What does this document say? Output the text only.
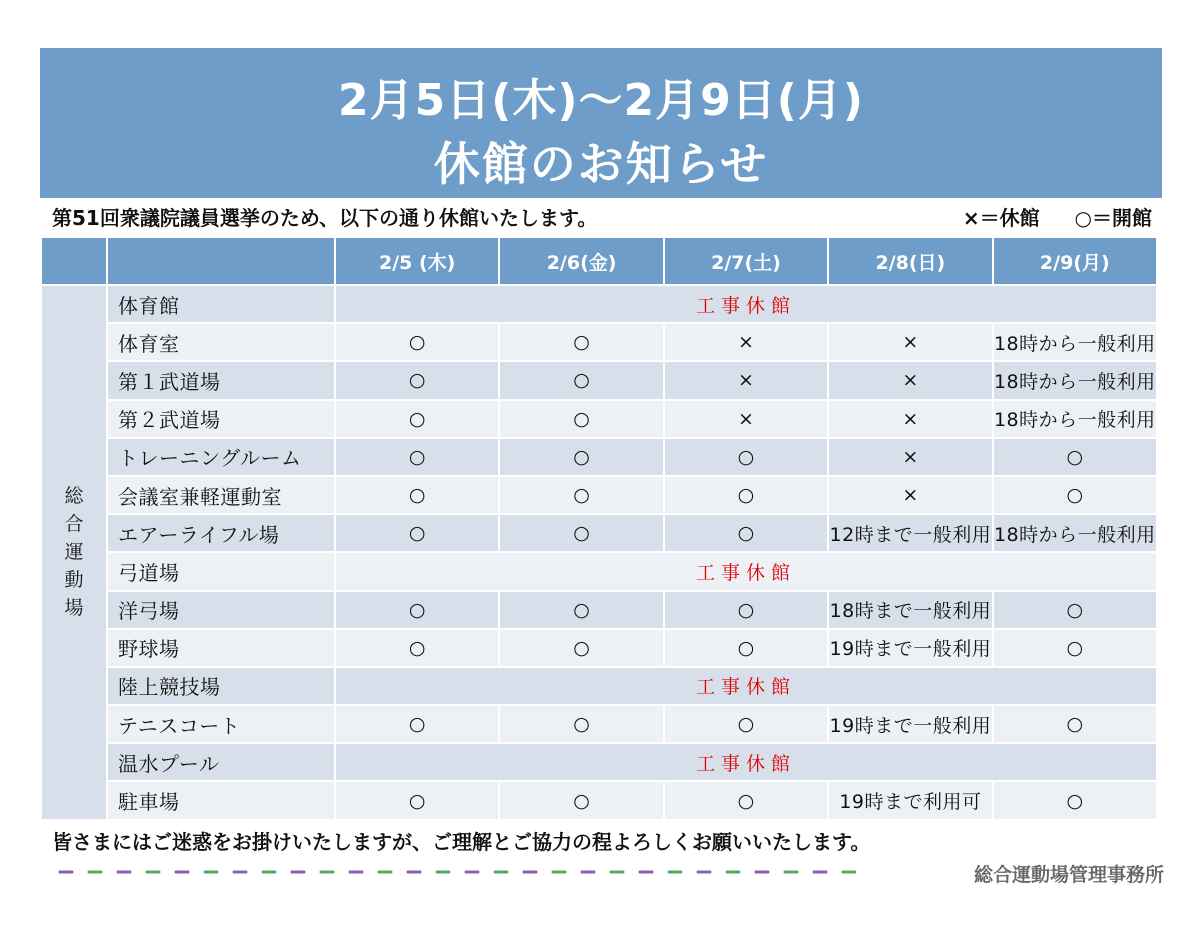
2月5日(木)～2月9日(月)
休館のお知らせ
第51回衆議院議員選挙のため、以下の通り休館いたします。	×＝休館 ○＝開館
		2/5 (木)	2/6(金)	2/7(土)	2/8(日)	2/9(月)
総合運動場	体育館	工事休館				
	体育室	○	○	×	×	18時から一般利用
	第１武道場	○	○	×	×	18時から一般利用
	第２武道場	○	○	×	×	18時から一般利用
	トレーニングルーム	○	○	○	×	○
	会議室兼軽運動室	○	○	○	×	○
	エアーライフル場	○	○	○	12時まで一般利用	18時から一般利用
	弓道場	工事休館				
	洋弓場	○	○	○	18時まで一般利用	○
	野球場	○	○	○	19時まで一般利用	○
	陸上競技場	工事休館				
	テニスコート	○	○	○	19時まで一般利用	○
	温水プール	工事休館				
	駐車場	○	○	○	19時まで利用可	○
皆さまにはご迷惑をお掛けいたしますが、ご理解とご協力の程よろしくお願いいたします。
総合運動場管理事務所
